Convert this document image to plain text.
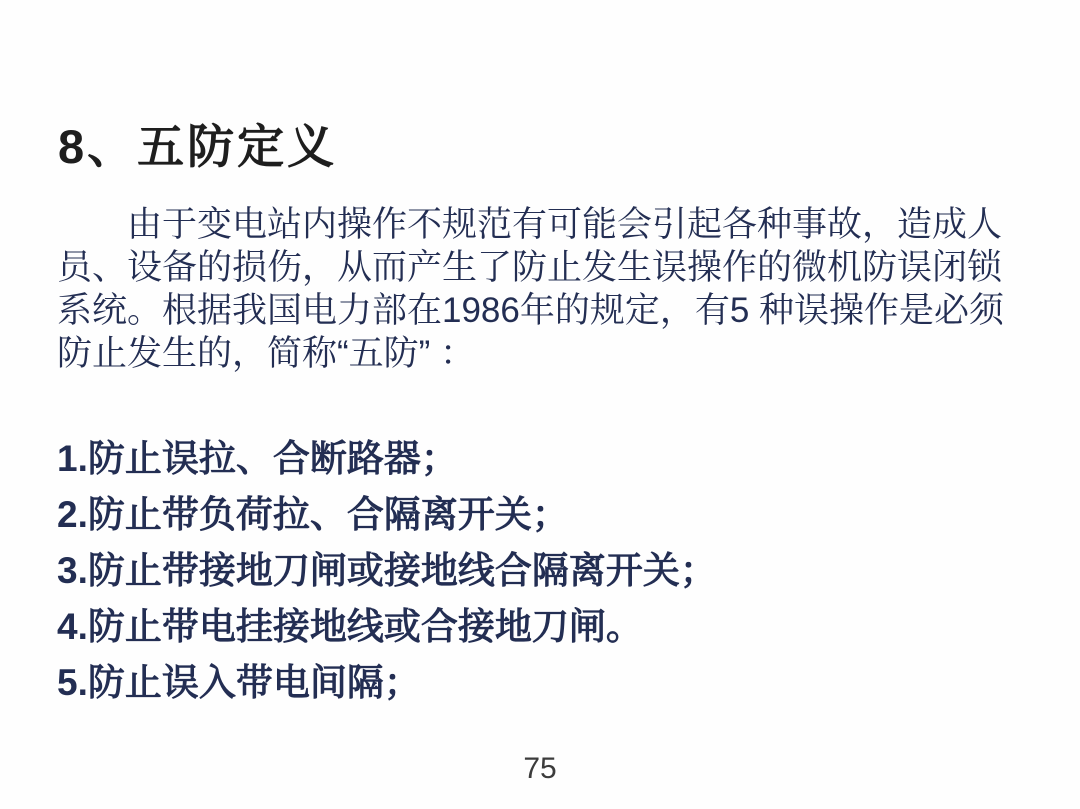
8、五防定义
由于变电站内操作不规范有可能会引起各种事故，造成人
员、设备的损伤，从而产生了防止发生误操作的微机防误闭锁
系统。根据我国电力部在1986年的规定，有5 种误操作是必须
防止发生的，简称“五防” ：
1.防止误拉、合断路器；
2.防止带负荷拉、合隔离开关；
3.防止带接地刀闸或接地线合隔离开关；
4.防止带电挂接地线或合接地刀闸。
5.防止误入带电间隔；
75
